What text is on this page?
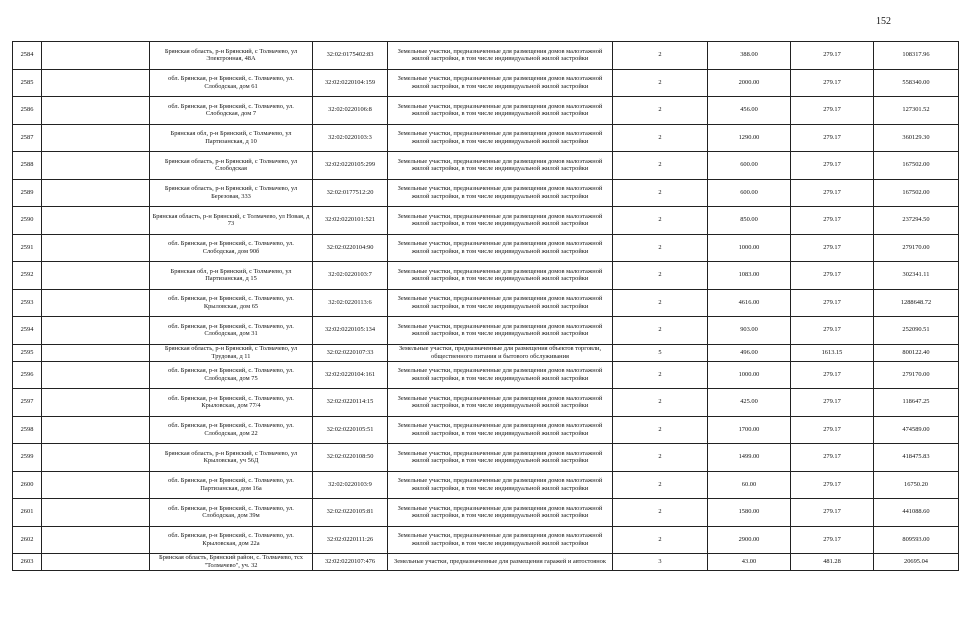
152
2584		Брянская область, р-н Брянский, с Толмачево, ул Электронная, 48А	32:02:0175402:83	Земельные участки, предназначенные для размещения домов малоэтажной жилой застройки, в том числе индивидуальной жилой застройки	2	388.00	279.17	108317.96
2585		обл. Брянская, р-н Брянский, с. Толмачево, ул. Слободская, дом 61	32:02:0220104:159	Земельные участки, предназначенные для размещения домов малоэтажной жилой застройки, в том числе индивидуальной жилой застройки	2	2000.00	279.17	558340.00
2586		обл. Брянская, р-н Брянский, с. Толмачево, ул. Слободская, дом 7	32:02:0220106:8	Земельные участки, предназначенные для размещения домов малоэтажной жилой застройки, в том числе индивидуальной жилой застройки	2	456.00	279.17	127301.52
2587		Брянская обл, р-н Брянский, с Толмачево, ул Партизанская, д 10	32:02:0220103:3	Земельные участки, предназначенные для размещения домов малоэтажной жилой застройки, в том числе индивидуальной жилой застройки	2	1290.00	279.17	360129.30
2588		Брянская область, р-н Брянский, с Толмачево, ул Слободская	32:02:0220105:299	Земельные участки, предназначенные для размещения домов малоэтажной жилой застройки, в том числе индивидуальной жилой застройки	2	600.00	279.17	167502.00
2589		Брянская область, р-н Брянский, с Толмачево, ул Березовая, 333	32:02:0177512:20	Земельные участки, предназначенные для размещения домов малоэтажной жилой застройки, в том числе индивидуальной жилой застройки	2	600.00	279.17	167502.00
2590		Брянская область, р-н Брянский, с Толмачево, ул Новая, д 73	32:02:0220101:521	Земельные участки, предназначенные для размещения домов малоэтажной жилой застройки, в том числе индивидуальной жилой застройки	2	850.00	279.17	237294.50
2591		обл. Брянская, р-н Брянский, с. Толмачево, ул. Слободская, дом 90б	32:02:0220104:90	Земельные участки, предназначенные для размещения домов малоэтажной жилой застройки, в том числе индивидуальной жилой застройки	2	1000.00	279.17	279170.00
2592		Брянская обл, р-н Брянский, с Толмачево, ул Партизанская, д 15	32:02:0220103:7	Земельные участки, предназначенные для размещения домов малоэтажной жилой застройки, в том числе индивидуальной жилой застройки	2	1083.00	279.17	302341.11
2593		обл. Брянская, р-н Брянский, с. Толмачево, ул. Крыловская, дом 65	32:02:0220113:6	Земельные участки, предназначенные для размещения домов малоэтажной жилой застройки, в том числе индивидуальной жилой застройки	2	4616.00	279.17	1288648.72
2594		обл. Брянская, р-н Брянский, с. Толмачево, ул. Слободская, дом 31	32:02:0220105:134	Земельные участки, предназначенные для размещения домов малоэтажной жилой застройки, в том числе индивидуальной жилой застройки	2	903.00	279.17	252090.51
2595		Брянская область, р-н Брянский, с Толмачево, ул Трудовая, д 11	32:02:0220107:33	Земельные участки, предназначенные для размещения объектов торговли, общественного питания и бытового обслуживания	5	496.00	1613.15	800122.40
2596		обл. Брянская, р-н Брянский, с. Толмачево, ул. Слободская, дом 75	32:02:0220104:161	Земельные участки, предназначенные для размещения домов малоэтажной жилой застройки, в том числе индивидуальной жилой застройки	2	1000.00	279.17	279170.00
2597		обл. Брянская, р-н Брянский, с. Толмачево, ул. Крыловская, дом 77/4	32:02:0220114:15	Земельные участки, предназначенные для размещения домов малоэтажной жилой застройки, в том числе индивидуальной жилой застройки	2	425.00	279.17	118647.25
2598		обл. Брянская, р-н Брянский, с. Толмачево, ул. Слободская, дом 22	32:02:0220105:51	Земельные участки, предназначенные для размещения домов малоэтажной жилой застройки, в том числе индивидуальной жилой застройки	2	1700.00	279.17	474589.00
2599		Брянская область, р-н Брянский, с Толмачево, ул Крыловская, уч 56Д	32:02:0220108:50	Земельные участки, предназначенные для размещения домов малоэтажной жилой застройки, в том числе индивидуальной жилой застройки	2	1499.00	279.17	418475.83
2600		обл. Брянская, р-н Брянский, с. Толмачево, ул. Партизанская, дом 16а	32:02:0220103:9	Земельные участки, предназначенные для размещения домов малоэтажной жилой застройки, в том числе индивидуальной жилой застройки	2	60.00	279.17	16750.20
2601		обл. Брянская, р-н Брянский, с. Толмачево, ул. Слободская, дом 39м	32:02:0220105:81	Земельные участки, предназначенные для размещения домов малоэтажной жилой застройки, в том числе индивидуальной жилой застройки	2	1580.00	279.17	441088.60
2602		обл. Брянская, р-н Брянский, с. Толмачево, ул. Крыловская, дом 22а	32:02:0220111:26	Земельные участки, предназначенные для размещения домов малоэтажной жилой застройки, в том числе индивидуальной жилой застройки	2	2900.00	279.17	809593.00
2603		Брянская область, Брянский район, с. Толмачево, тсх "Толмачево", уч. 32	32:02:0220107:476	Земельные участки, предназначенные для размещения гаражей и автостоянок	3	43.00	481.28	20695.04
